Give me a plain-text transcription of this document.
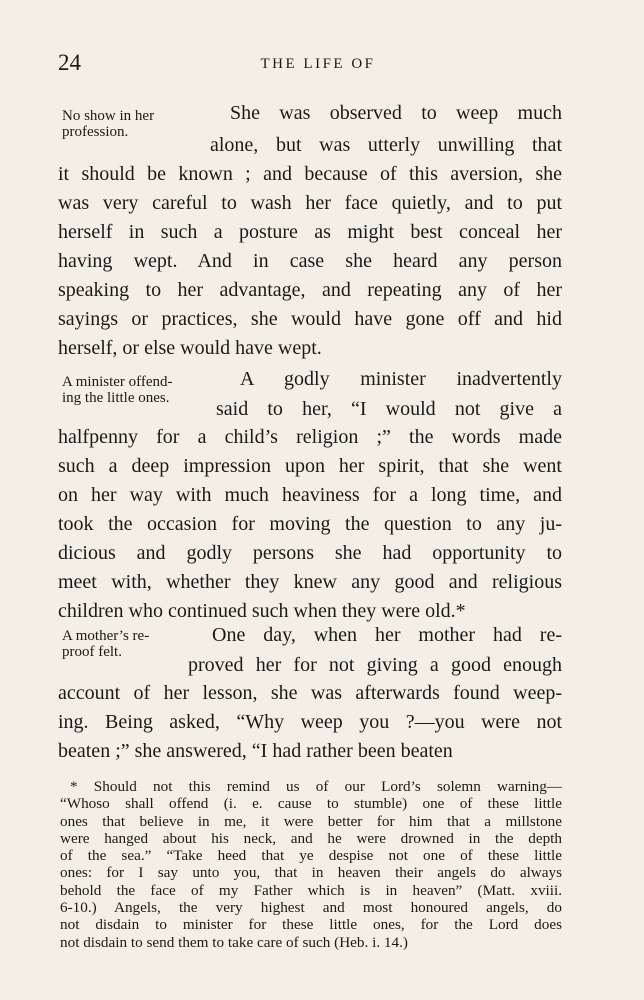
24	THE LIFE OF
No show in her
profession.
She was observed to weep much
alone, but was utterly unwilling that
it should be known ; and because of this aversion, she
was very careful to wash her face quietly, and to put
herself in such a posture as might best conceal her
having wept. And in case she heard any person
speaking to her advantage, and repeating any of her
sayings or practices, she would have gone off and hid
herself, or else would have wept.
A minister offend-
ing the little ones.
A godly minister inadvertently
said to her, “I would not give a
halfpenny for a child’s religion ;” the words made
such a deep impression upon her spirit, that she went
on her way with much heaviness for a long time, and
took the occasion for moving the question to any ju-
dicious and godly persons she had opportunity to
meet with, whether they knew any good and religious
children who continued such when they were old.*
A mother’s re-
proof felt.
One day, when her mother had re-
proved her for not giving a good enough
account of her lesson, she was afterwards found weep-
ing. Being asked, “Why weep you ?—you were not
beaten ;” she answered, “I had rather been beaten
* Should not this remind us of our Lord’s solemn warning—
“Whoso shall offend (i. e. cause to stumble) one of these little
ones that believe in me, it were better for him that a millstone
were hanged about his neck, and he were drowned in the depth
of the sea.” “Take heed that ye despise not one of these little
ones: for I say unto you, that in heaven their angels do always
behold the face of my Father which is in heaven” (Matt. xviii.
6-10.) Angels, the very highest and most honoured angels, do
not disdain to minister for these little ones, for the Lord does
not disdain to send them to take care of such (Heb. i. 14.)
